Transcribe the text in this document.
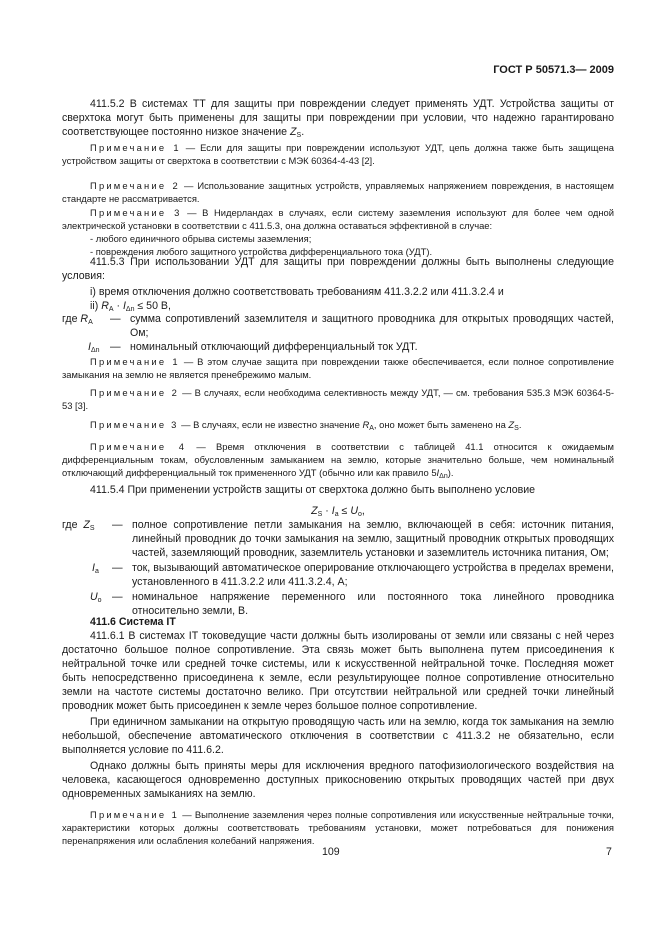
ГОСТ Р 50571.3— 2009
411.5.2 В системах ТТ для защиты при повреждении следует применять УДТ. Устройства защиты от сверхтока могут быть применены для защиты при повреждении при условии, что надежно гарантировано соответствующее постоянно низкое значение $Z_S$.
Примечание 1 — Если для защиты при повреждении используют УДТ, цепь должна также быть защищена устройством защиты от сверхтока в соответствии с МЭК 60364-4-43 [2].
Примечание 2 — Использование защитных устройств, управляемых напряжением повреждения, в настоящем стандарте не рассматривается.
Примечание 3 — В Нидерландах в случаях, если систему заземления используют для более чем одной электрической установки в соответствии с 411.5.3, она должна оставаться эффективной в случае:
- любого единичного обрыва системы заземления;
- повреждения любого защитного устройства дифференциального тока (УДТ).
411.5.3 При использовании УДТ для защиты при повреждении должны быть выполнены следующие условия:
i) время отключения должно соответствовать требованиям 411.3.2.2 или 411.3.2.4 и
ii) $R_A \cdot I_{\Delta n} \le 50$ В,
где $R_A$ — сумма сопротивлений заземлителя и защитного проводника для открытых проводящих частей, Ом;
$I_{\Delta n}$ — номинальный отключающий дифференциальный ток УДТ.
Примечание 1 — В этом случае защита при повреждении также обеспечивается, если полное сопротивление замыкания на землю не является пренебрежимо малым.
Примечание 2 — В случаях, если необходима селективность между УДТ, — см. требования 535.3 МЭК 60364-5-53 [3].
Примечание 3 — В случаях, если не известно значение $R_A$, оно может быть заменено на $Z_S$.
Примечание 4 — Время отключения в соответствии с таблицей 41.1 относится к ожидаемым дифференциальным токам, обусловленным замыканием на землю, которые значительно больше, чем номинальный отключающий дифференциальный ток примененного УДТ (обычно или как правило $5I_{\Delta n}$).
411.5.4 При применении устройств защиты от сверхтока должно быть выполнено условие
$Z_S \cdot I_a \le U_o$,
где $Z_S$ — полное сопротивление петли замыкания на землю, включающей в себя: источник питания, линейный проводник до точки замыкания на землю, защитный проводник открытых проводящих частей, заземляющий проводник, заземлитель установки и заземлитель источника питания, Ом;
$I_a$ — ток, вызывающий автоматическое оперирование отключающего устройства в пределах времени, установленного в 411.3.2.2 или 411.3.2.4, А;
$U_o$ — номинальное напряжение переменного или постоянного тока линейного проводника относительно земли, В.
411.6 Система IT
411.6.1 В системах IT токоведущие части должны быть изолированы от земли или связаны с ней через достаточно большое полное сопротивление. Эта связь может быть выполнена путем присоединения к нейтральной точке или средней точке системы, или к искусственной нейтральной точке. Последняя может быть непосредственно присоединена к земле, если результирующее полное сопротивление относительно земли на частоте системы достаточно велико. При отсутствии нейтральной или средней точки линейный проводник может быть присоединен к земле через большое полное сопротивление.
При единичном замыкании на открытую проводящую часть или на землю, когда ток замыкания на землю небольшой, обеспечение автоматического отключения в соответствии с 411.3.2 не обязательно, если выполняется условие по 411.6.2.
Однако должны быть приняты меры для исключения вредного патофизиологического воздействия на человека, касающегося одновременно доступных прикосновению открытых проводящих частей при двух одновременных замыканиях на землю.
Примечание 1 — Выполнение заземления через полные сопротивления или искусственные нейтральные точки, характеристики которых должны соответствовать требованиям установки, может потребоваться для понижения перенапряжения или ослабления колебаний напряжения.
109	7
